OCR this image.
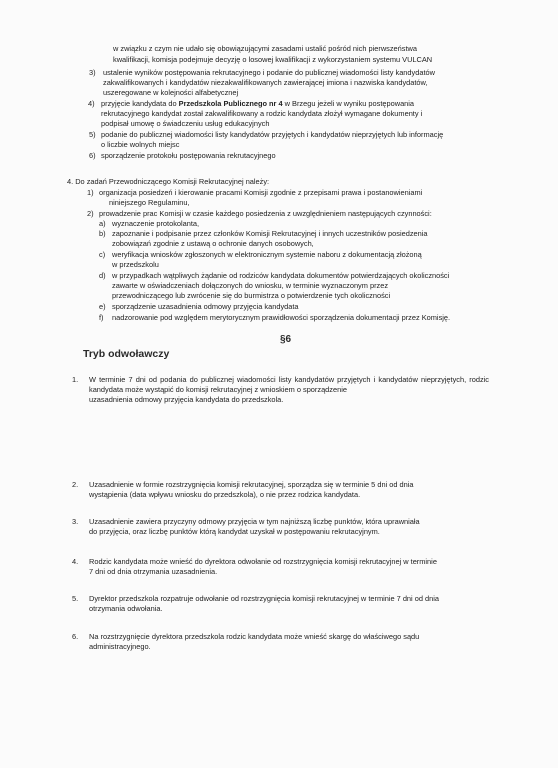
w związku z czym nie udało się obowiązującymi zasadami ustalić pośród nich pierwszeństwa
kwalifikacji, komisja podejmuje decyzję o losowej kwalifikacji z wykorzystaniem systemu VULCAN
3) ustalenie wyników postępowania rekrutacyjnego i podanie do publicznej wiadomości listy kandydatów
zakwalifikowanych i kandydatów niezakwalifikowanych zawierającej imiona i nazwiska kandydatów,
uszeregowane w kolejności alfabetycznej
4) przyjęcie kandydata do Przedszkola Publicznego nr 4 w Brzegu jeżeli w wyniku postępowania
rekrutacyjnego kandydat został zakwalifikowany a rodzic kandydata złożył wymagane dokumenty i
podpisał umowę o świadczeniu usług edukacyjnych
5) podanie do publicznej wiadomości listy kandydatów przyjętych i kandydatów nieprzyjętych lub informację
o liczbie wolnych miejsc
6) sporządzenie protokołu postępowania rekrutacyjnego
4. Do zadań Przewodniczącego Komisji Rekrutacyjnej należy:
1) organizacja posiedzeń i kierowanie pracami Komisji zgodnie z przepisami prawa i postanowieniami
niniejszego Regulaminu,
2) prowadzenie prac Komisji w czasie każdego posiedzenia z uwzględnieniem następujących czynności:
a) wyznaczenie protokolanta,
b) zapoznanie i podpisanie przez członków Komisji Rekrutacyjnej i innych uczestników posiedzenia
zobowiązań zgodnie z ustawą o ochronie danych osobowych,
c) weryfikacja wniosków zgłoszonych w elektronicznym systemie naboru z dokumentacją złożoną
w przedszkolu
d) w przypadkach wątpliwych żądanie od rodziców kandydata dokumentów potwierdzających okoliczności
zawarte w oświadczeniach dołączonych do wniosku, w terminie wyznaczonym przez
przewodniczącego lub zwrócenie się do burmistrza o potwierdzenie tych okoliczności
e) sporządzenie uzasadnienia odmowy przyjęcia kandydata
f) nadzorowanie pod względem merytorycznym prawidłowości sporządzenia dokumentacji przez Komisję.
§6
Tryb odwoławczy
1. W terminie 7 dni od podania do publicznej wiadomości listy kandydatów przyjętych i kandydatów nieprzyjętych, rodzic kandydata może wystąpić do komisji rekrutacyjnej z wnioskiem o sporządzenie
uzasadnienia odmowy przyjęcia kandydata do przedszkola.
2. Uzasadnienie w formie rozstrzygnięcia komisji rekrutacyjnej, sporządza się w terminie 5 dni od dnia
wystąpienia (data wpływu wniosku do przedszkola), o nie przez rodzica kandydata.
3. Uzasadnienie zawiera przyczyny odmowy przyjęcia w tym najniższą liczbę punktów, która uprawniała
do przyjęcia, oraz liczbę punktów którą kandydat uzyskał w postępowaniu rekrutacyjnym.
4. Rodzic kandydata może wnieść do dyrektora odwołanie od rozstrzygnięcia komisji rekrutacyjnej w terminie
7 dni od dnia otrzymania uzasadnienia.
5. Dyrektor przedszkola rozpatruje odwołanie od rozstrzygnięcia komisji rekrutacyjnej w terminie 7 dni od dnia
otrzymania odwołania.
6. Na rozstrzygnięcie dyrektora przedszkola rodzic kandydata może wnieść skargę do właściwego sądu
administracyjnego.
